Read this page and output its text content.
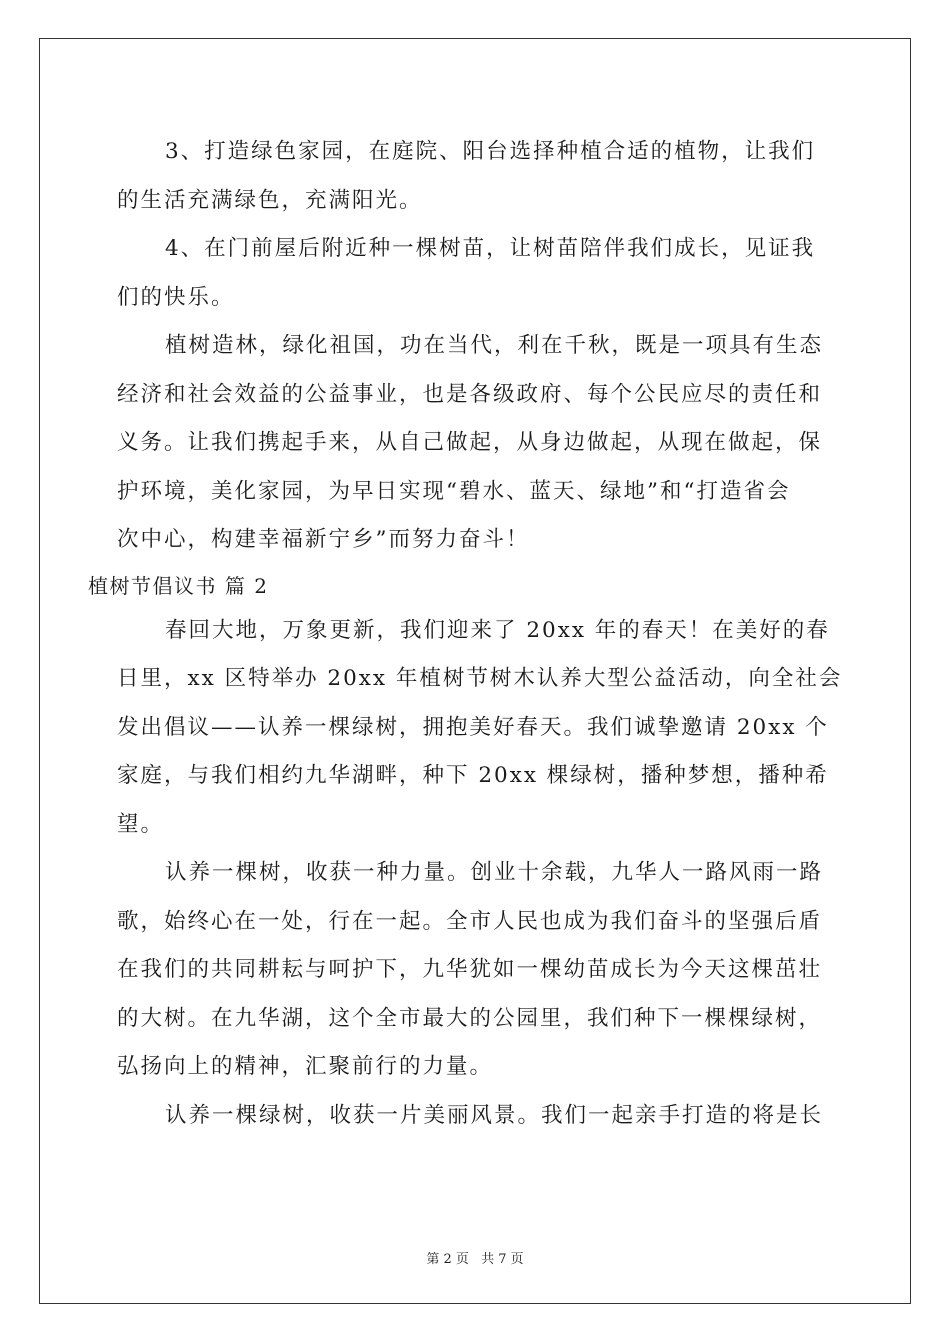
3、打造绿色家园，在庭院、阳台选择种植合适的植物，让我们
的生活充满绿色，充满阳光。
4、在门前屋后附近种一棵树苗，让树苗陪伴我们成长，见证我
们的快乐。
植树造林，绿化祖国，功在当代，利在千秋，既是一项具有生态
经济和社会效益的公益事业，也是各级政府、每个公民应尽的责任和
义务。让我们携起手来，从自己做起，从身边做起，从现在做起，保
护环境，美化家园，为早日实现“碧水、蓝天、绿地”和“打造省会
次中心，构建幸福新宁乡”而努力奋斗！
植树节倡议书 篇 2
春回大地，万象更新，我们迎来了 20xx 年的春天！在美好的春
日里，xx 区特举办 20xx 年植树节树木认养大型公益活动，向全社会
发出倡议——认养一棵绿树，拥抱美好春天。我们诚挚邀请 20xx 个
家庭，与我们相约九华湖畔，种下 20xx 棵绿树，播种梦想，播种希
望。
认养一棵树，收获一种力量。创业十余载，九华人一路风雨一路
歌，始终心在一处，行在一起。全市人民也成为我们奋斗的坚强后盾
在我们的共同耕耘与呵护下，九华犹如一棵幼苗成长为今天这棵茁壮
的大树。在九华湖，这个全市最大的公园里，我们种下一棵棵绿树，
弘扬向上的精神，汇聚前行的力量。
认养一棵绿树，收获一片美丽风景。我们一起亲手打造的将是长
第 2 页 共 7 页
